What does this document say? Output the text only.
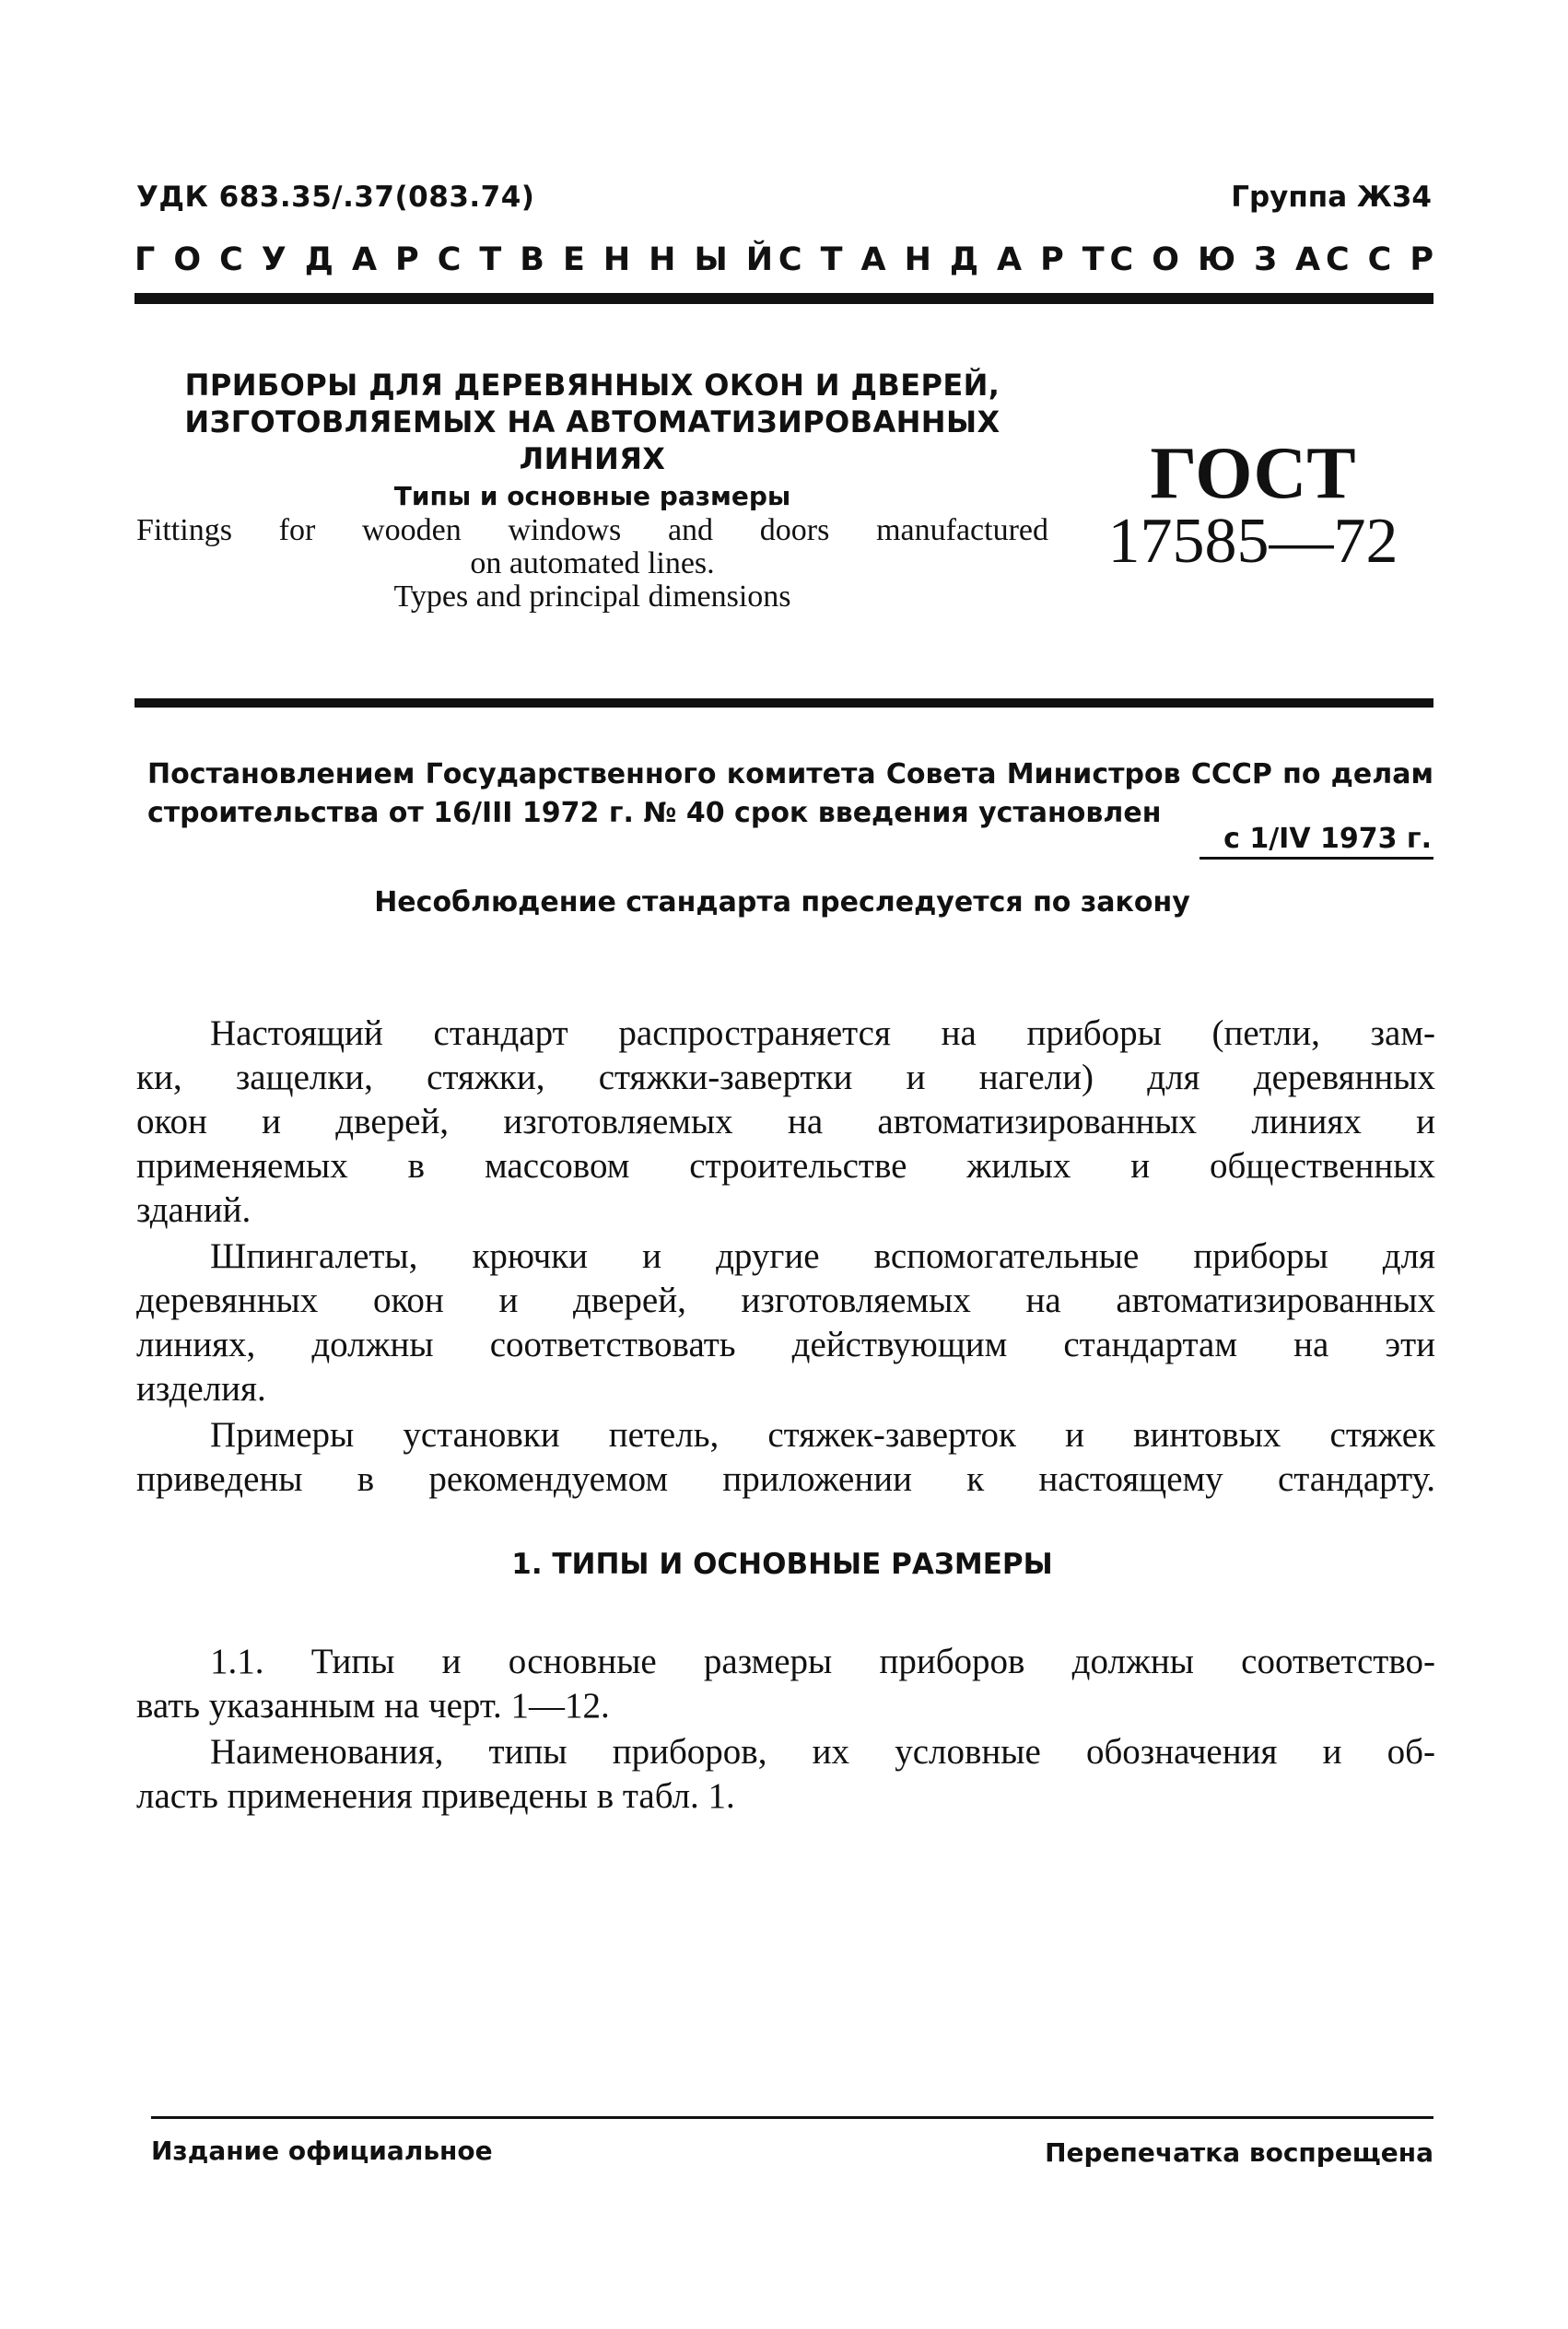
УДК 683.35/.37(083.74)	Группа Ж34
Г О С У Д А Р С Т В Е Н Н Ы Й С Т А Н Д А Р Т С О Ю З А С С Р
ПРИБОРЫ ДЛЯ ДЕРЕВЯННЫХ ОКОН И ДВЕРЕЙ,
ИЗГОТОВЛЯЕМЫХ НА АВТОМАТИЗИРОВАННЫХ
ЛИНИЯХ
Типы и основные размеры
Fittings for wooden windows and doors manufactured
on automated lines.
Types and principal dimensions
ГОСТ
17585—72
Постановлением Государственного комитета Совета Министров СССР по делам
строительства от 16/III 1972 г. № 40 срок введения установлен
с 1/IV 1973 г.
Несоблюдение стандарта преследуется по закону
Настоящий стандарт распространяется на приборы (петли, зам-
ки, защелки, стяжки, стяжки-завертки и нагели) для деревянных
окон и дверей, изготовляемых на автоматизированных линиях и
применяемых в массовом строительстве жилых и общественных
зданий.
Шпингалеты, крючки и другие вспомогательные приборы для
деревянных окон и дверей, изготовляемых на автоматизированных
линиях, должны соответствовать действующим стандартам на эти
изделия.
Примеры установки петель, стяжек-заверток и винтовых стяжек
приведены в рекомендуемом приложении к настоящему стандарту.
1. ТИПЫ И ОСНОВНЫЕ РАЗМЕРЫ
1.1. Типы и основные размеры приборов должны соответство-
вать указанным на черт. 1—12.
Наименования, типы приборов, их условные обозначения и об-
ласть применения приведены в табл. 1.
Издание официальное	Перепечатка воспрещена
